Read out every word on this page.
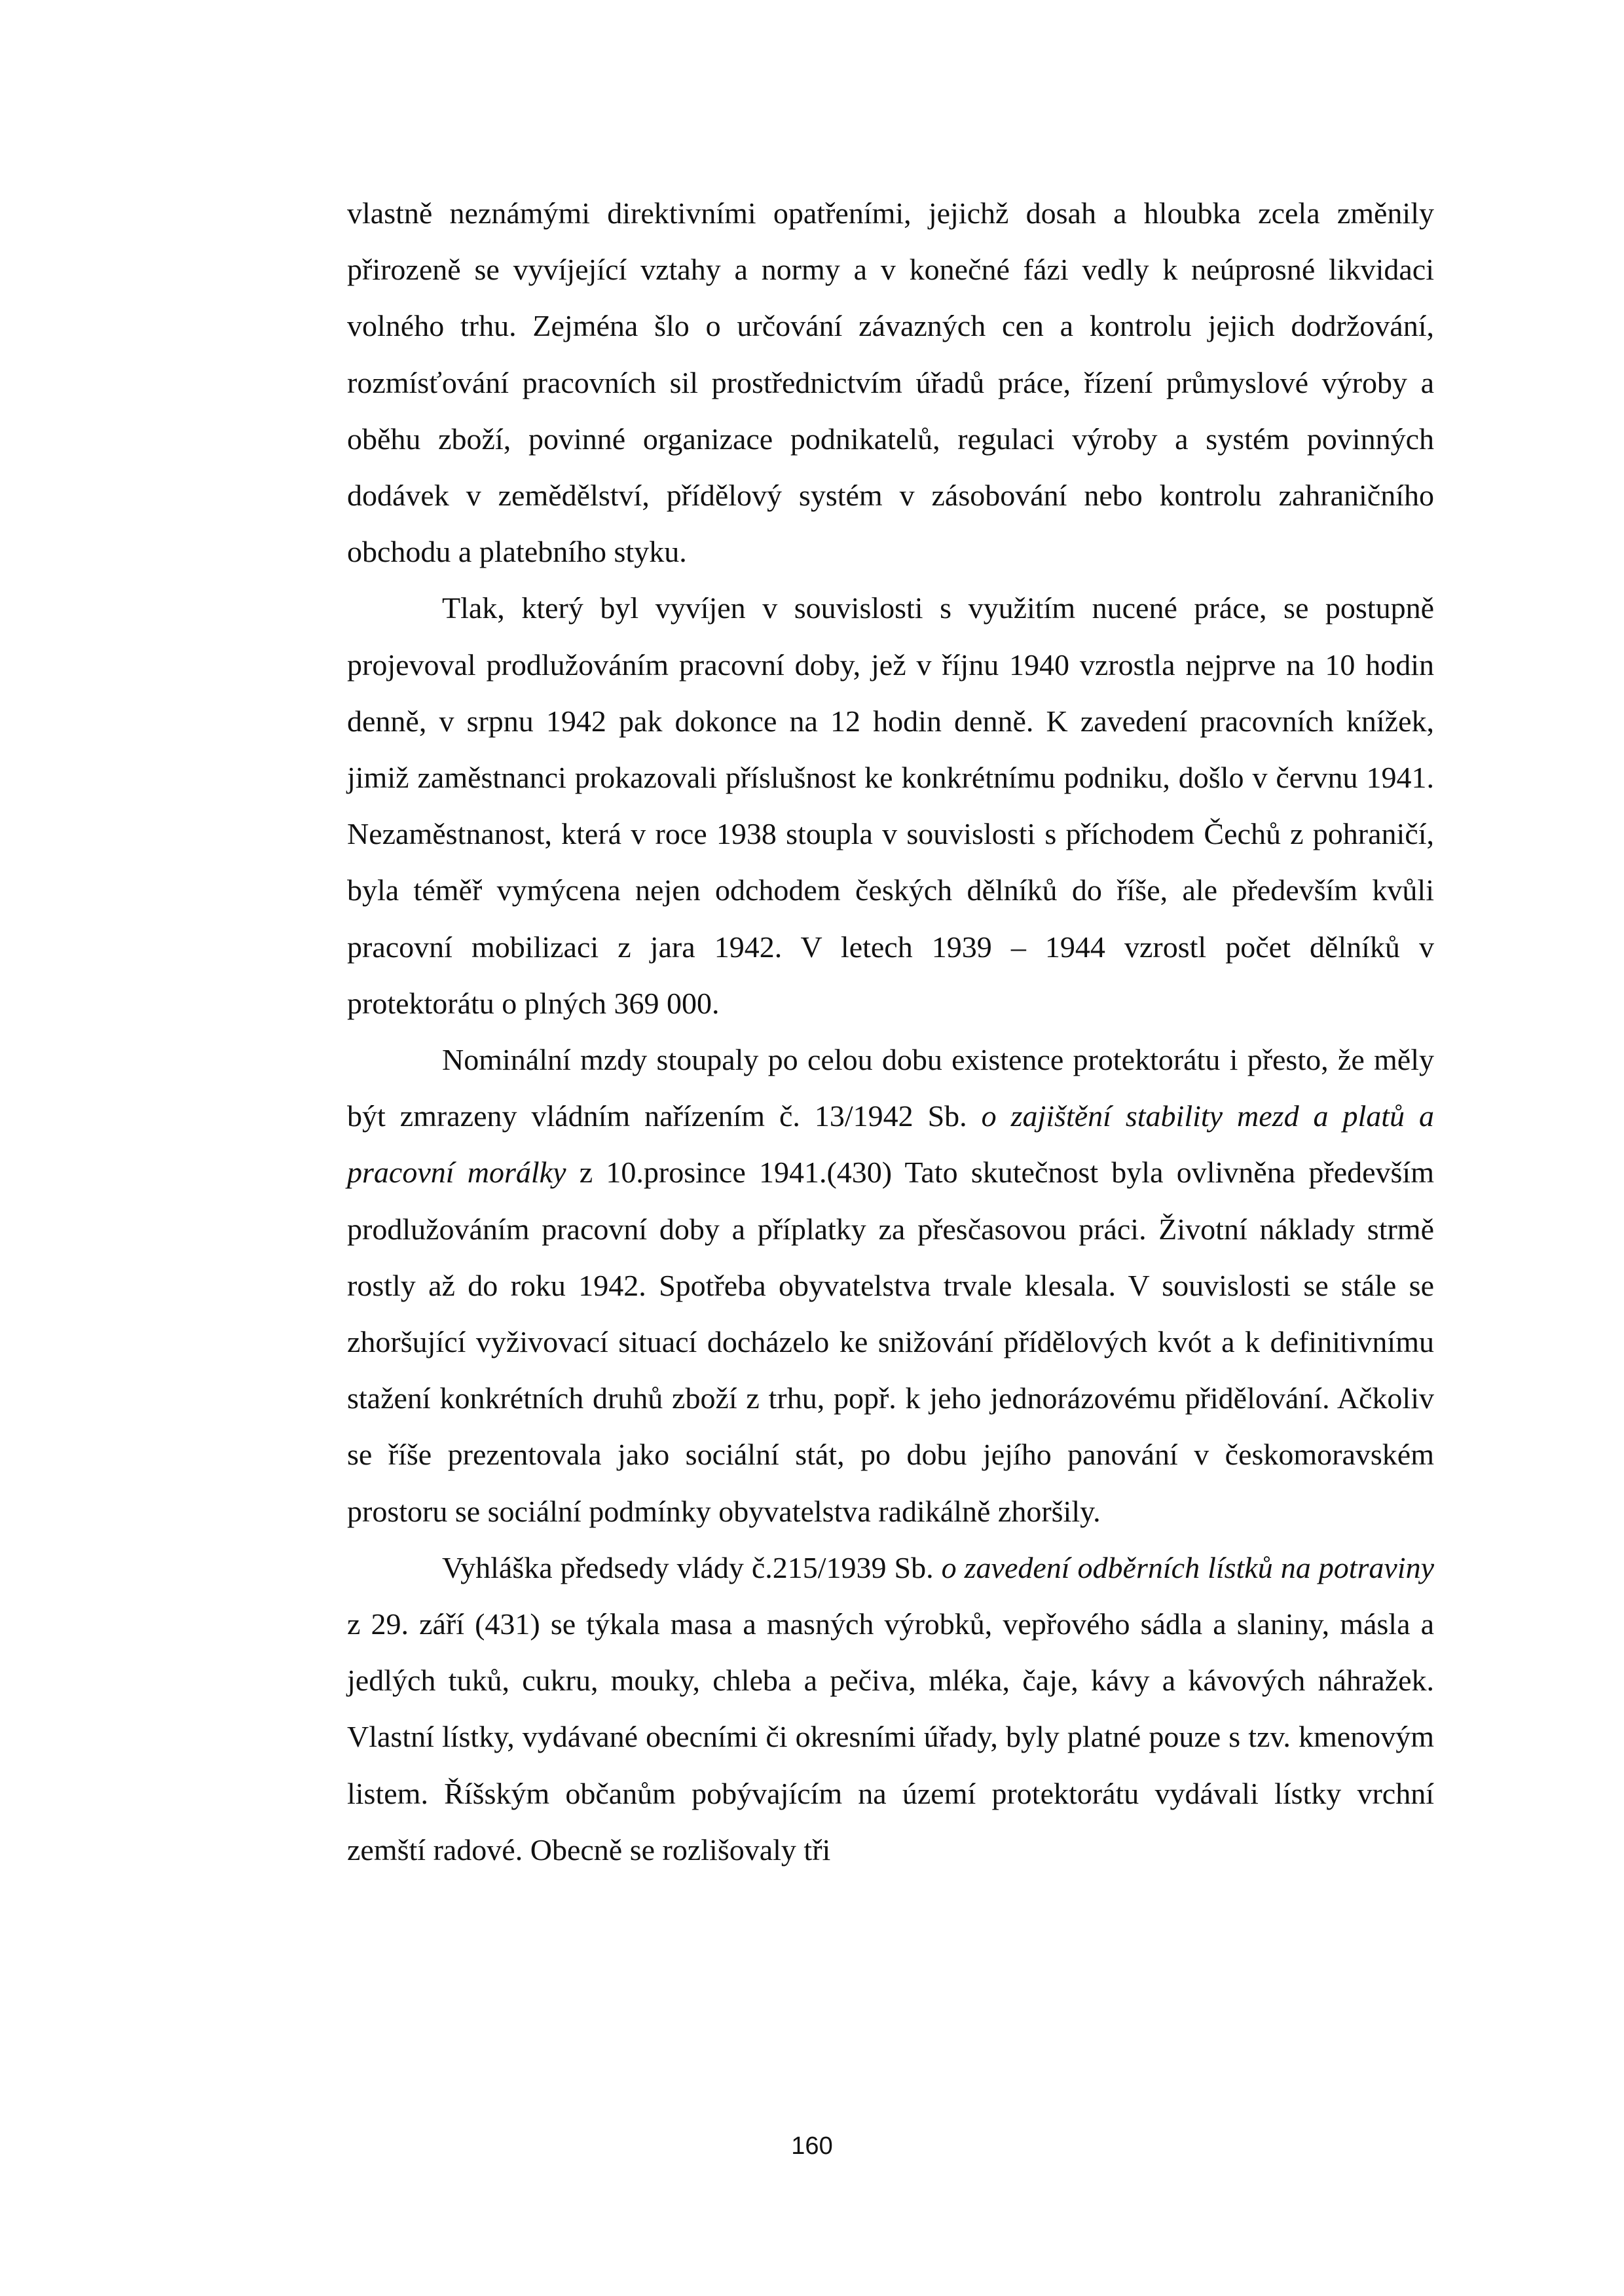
vlastně neznámými direktivními opatřeními, jejichž dosah a hloubka zcela změnily přirozeně se vyvíjející vztahy a normy a v konečné fázi vedly k neúprosné likvidaci volného trhu. Zejména šlo o určování závazných cen a kontrolu jejich dodržování, rozmísťování pracovních sil prostřednictvím úřadů práce, řízení průmyslové výroby a oběhu zboží, povinné organizace podnikatelů, regulaci výroby a systém povinných dodávek v zemědělství, přídělový systém v zásobování nebo kontrolu zahraničního obchodu a platebního styku.

Tlak, který byl vyvíjen v souvislosti s využitím nucené práce, se postupně projevoval prodlužováním pracovní doby, jež v říjnu 1940 vzrostla nejprve na 10 hodin denně, v srpnu 1942 pak dokonce na 12 hodin denně. K zavedení pracovních knížek, jimiž zaměstnanci prokazovali příslušnost ke konkrétnímu podniku, došlo v červnu 1941. Nezaměstnanost, která v roce 1938 stoupla v souvislosti s příchodem Čechů z pohraničí, byla téměř vymýcena nejen odchodem českých dělníků do říše, ale především kvůli pracovní mobilizaci z jara 1942. V letech 1939 – 1944 vzrostl počet dělníků v protektorátu o plných 369 000.

Nominální mzdy stoupaly po celou dobu existence protektorátu i přesto, že měly být zmrazeny vládním nařízením č. 13/1942 Sb. o zajištění stability mezd a platů a pracovní morálky z 10.prosince 1941.(430) Tato skutečnost byla ovlivněna především prodlužováním pracovní doby a příplatky za přesčasovou práci. Životní náklady strmě rostly až do roku 1942. Spotřeba obyvatelstva trvale klesala. V souvislosti se stále se zhoršující vyživovací situací docházelo ke snižování přídělových kvót a k definitivnímu stažení konkrétních druhů zboží z trhu, popř. k jeho jednorázovému přidělování. Ačkoliv se říše prezentovala jako sociální stát, po dobu jejího panování v českomoravském prostoru se sociální podmínky obyvatelstva radikálně zhoršily.

Vyhláška předsedy vlády č.215/1939 Sb. o zavedení odběrních lístků na potraviny z 29. září (431) se týkala masa a masných výrobků, vepřového sádla a slaniny, másla a jedlých tuků, cukru, mouky, chleba a pečiva, mléka, čaje, kávy a kávových náhražek. Vlastní lístky, vydávané obecními či okresními úřady, byly platné pouze s tzv. kmenovým listem. Říšským občanům pobývajícím na území protektorátu vydávali lístky vrchní zemští radové. Obecně se rozlišovaly tři

160
